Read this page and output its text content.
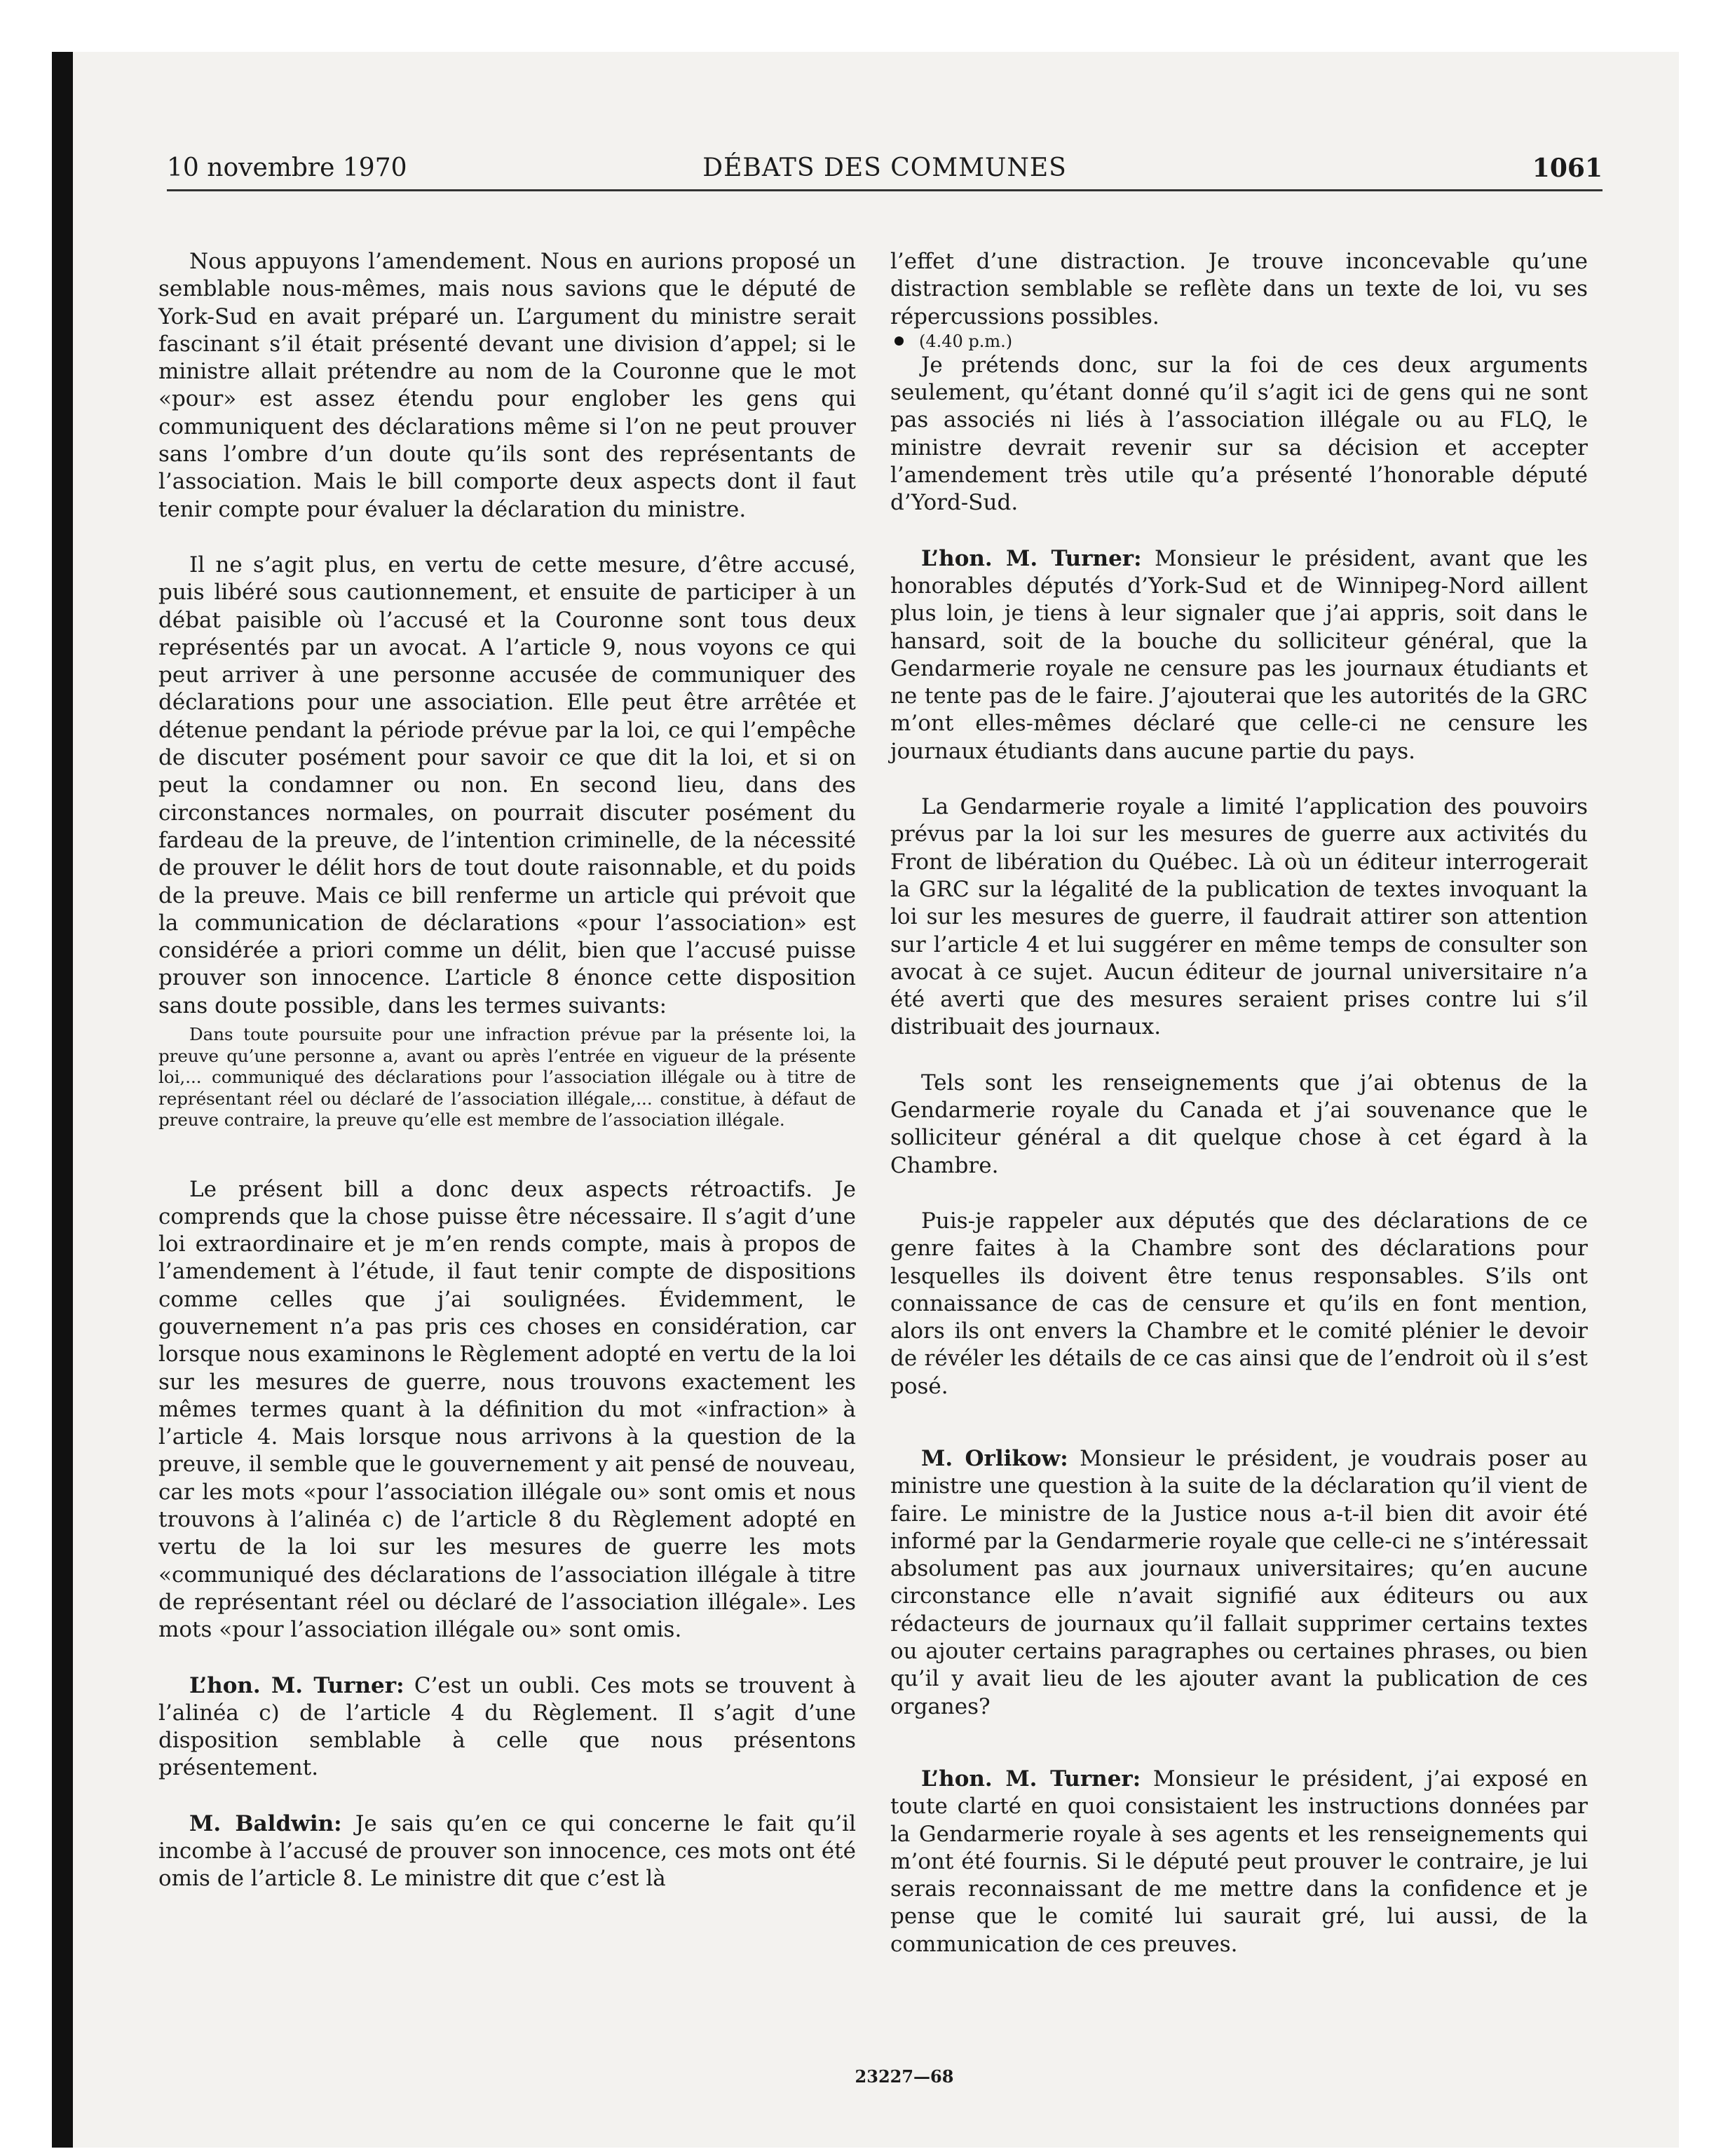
10 novembre 1970	DÉBATS DES COMMUNES	1061

Nous appuyons l’amendement. Nous en aurions proposé un semblable nous-mêmes, mais nous savions que le député de York-Sud en avait préparé un. L’argument du ministre serait fascinant s’il était présenté devant une division d’appel; si le ministre allait prétendre au nom de la Couronne que le mot «pour» est assez étendu pour englober les gens qui communiquent des déclarations même si l’on ne peut prouver sans l’ombre d’un doute qu’ils sont des représentants de l’association. Mais le bill comporte deux aspects dont il faut tenir compte pour évaluer la déclaration du ministre.

Il ne s’agit plus, en vertu de cette mesure, d’être accusé, puis libéré sous cautionnement, et ensuite de participer à un débat paisible où l’accusé et la Couronne sont tous deux représentés par un avocat. A l’article 9, nous voyons ce qui peut arriver à une personne accusée de communiquer des déclarations pour une association. Elle peut être arrêtée et détenue pendant la période prévue par la loi, ce qui l’empêche de discuter posément pour savoir ce que dit la loi, et si on peut la condamner ou non. En second lieu, dans des circonstances normales, on pourrait discuter posément du fardeau de la preuve, de l’intention criminelle, de la nécessité de prouver le délit hors de tout doute raisonnable, et du poids de la preuve. Mais ce bill renferme un article qui prévoit que la communication de déclarations «pour l’association» est considérée a priori comme un délit, bien que l’accusé puisse prouver son innocence. L’article 8 énonce cette disposition sans doute possible, dans les termes suivants:

Dans toute poursuite pour une infraction prévue par la présente loi, la preuve qu’une personne a, avant ou après l’entrée en vigueur de la présente loi,... communiqué des déclarations pour l’association illégale ou à titre de représentant réel ou déclaré de l’association illégale,... constitue, à défaut de preuve contraire, la preuve qu’elle est membre de l’association illégale.

Le présent bill a donc deux aspects rétroactifs. Je comprends que la chose puisse être nécessaire. Il s’agit d’une loi extraordinaire et je m’en rends compte, mais à propos de l’amendement à l’étude, il faut tenir compte de dispositions comme celles que j’ai soulignées. Évidemment, le gouvernement n’a pas pris ces choses en considération, car lorsque nous examinons le Règlement adopté en vertu de la loi sur les mesures de guerre, nous trouvons exactement les mêmes termes quant à la définition du mot «infraction» à l’article 4. Mais lorsque nous arrivons à la question de la preuve, il semble que le gouvernement y ait pensé de nouveau, car les mots «pour l’association illégale ou» sont omis et nous trouvons à l’alinéa c) de l’article 8 du Règlement adopté en vertu de la loi sur les mesures de guerre les mots «communiqué des déclarations de l’association illégale à titre de représentant réel ou déclaré de l’association illégale». Les mots «pour l’association illégale ou» sont omis.

L’hon. M. Turner: C’est un oubli. Ces mots se trouvent à l’alinéa c) de l’article 4 du Règlement. Il s’agit d’une disposition semblable à celle que nous présentons présentement.

M. Baldwin: Je sais qu’en ce qui concerne le fait qu’il incombe à l’accusé de prouver son innocence, ces mots ont été omis de l’article 8. Le ministre dit que c’est là

l’effet d’une distraction. Je trouve inconcevable qu’une distraction semblable se reflète dans un texte de loi, vu ses répercussions possibles.

(4.40 p.m.)

Je prétends donc, sur la foi de ces deux arguments seulement, qu’étant donné qu’il s’agit ici de gens qui ne sont pas associés ni liés à l’association illégale ou au FLQ, le ministre devrait revenir sur sa décision et accepter l’amendement très utile qu’a présenté l’honorable député d’Yord-Sud.

L’hon. M. Turner: Monsieur le président, avant que les honorables députés d’York-Sud et de Winnipeg-Nord aillent plus loin, je tiens à leur signaler que j’ai appris, soit dans le hansard, soit de la bouche du solliciteur général, que la Gendarmerie royale ne censure pas les journaux étudiants et ne tente pas de le faire. J’ajouterai que les autorités de la GRC m’ont elles-mêmes déclaré que celle-ci ne censure les journaux étudiants dans aucune partie du pays.

La Gendarmerie royale a limité l’application des pouvoirs prévus par la loi sur les mesures de guerre aux activités du Front de libération du Québec. Là où un éditeur interrogerait la GRC sur la légalité de la publication de textes invoquant la loi sur les mesures de guerre, il faudrait attirer son attention sur l’article 4 et lui suggérer en même temps de consulter son avocat à ce sujet. Aucun éditeur de journal universitaire n’a été averti que des mesures seraient prises contre lui s’il distribuait des journaux.

Tels sont les renseignements que j’ai obtenus de la Gendarmerie royale du Canada et j’ai souvenance que le solliciteur général a dit quelque chose à cet égard à la Chambre.

Puis-je rappeler aux députés que des déclarations de ce genre faites à la Chambre sont des déclarations pour lesquelles ils doivent être tenus responsables. S’ils ont connaissance de cas de censure et qu’ils en font mention, alors ils ont envers la Chambre et le comité plénier le devoir de révéler les détails de ce cas ainsi que de l’endroit où il s’est posé.

M. Orlikow: Monsieur le président, je voudrais poser au ministre une question à la suite de la déclaration qu’il vient de faire. Le ministre de la Justice nous a-t-il bien dit avoir été informé par la Gendarmerie royale que celle-ci ne s’intéressait absolument pas aux journaux universitaires; qu’en aucune circonstance elle n’avait signifié aux éditeurs ou aux rédacteurs de journaux qu’il fallait supprimer certains textes ou ajouter certains paragraphes ou certaines phrases, ou bien qu’il y avait lieu de les ajouter avant la publication de ces organes?

L’hon. M. Turner: Monsieur le président, j’ai exposé en toute clarté en quoi consistaient les instructions données par la Gendarmerie royale à ses agents et les renseignements qui m’ont été fournis. Si le député peut prouver le contraire, je lui serais reconnaissant de me mettre dans la confidence et je pense que le comité lui saurait gré, lui aussi, de la communication de ces preuves.

23227—68
